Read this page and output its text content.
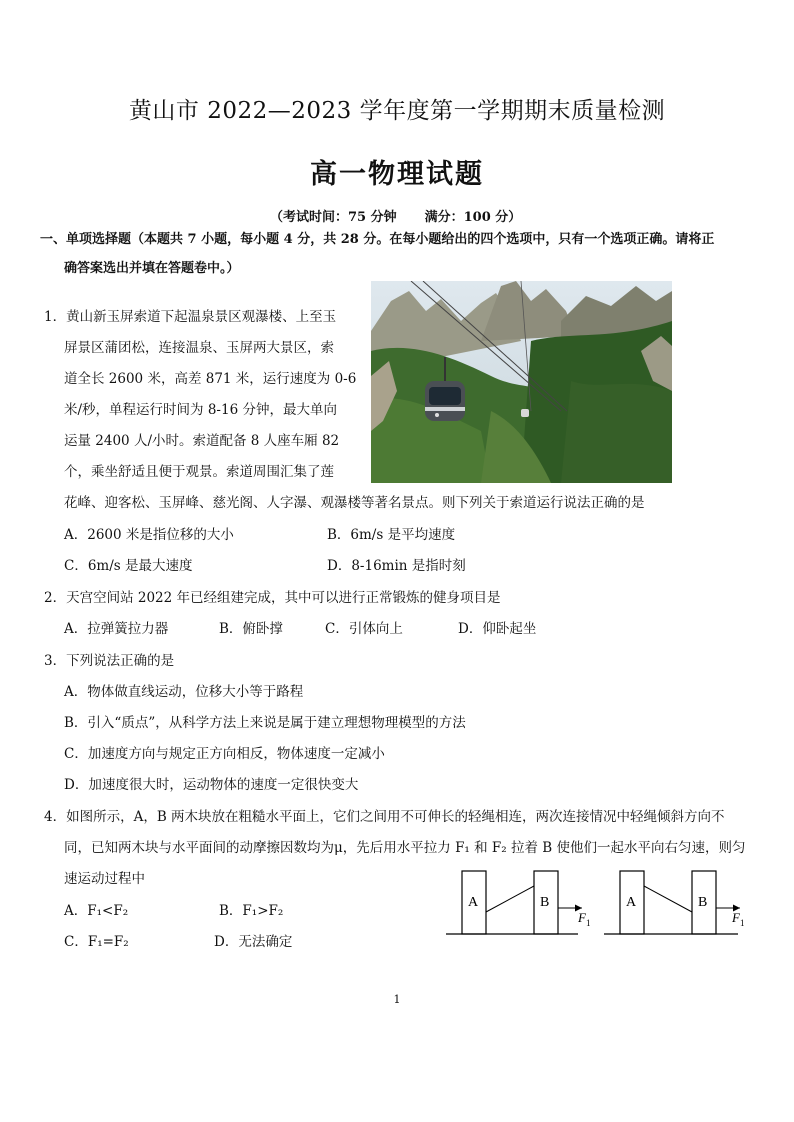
黄山市 2022—2023 学年度第一学期期末质量检测
高一物理试题
（考试时间：75 分钟 满分：100 分）
一、单项选择题（本题共 7 小题，每小题 4 分，共 28 分。在每小题给出的四个选项中，只有一个选项正确。请将正
确答案选出并填在答题卷中。）
1．黄山新玉屏索道下起温泉景区观瀑楼、上至玉
屏景区蒲团松，连接温泉、玉屏两大景区，索
道全长 2600 米，高差 871 米，运行速度为 0-6
米/秒，单程运行时间为 8-16 分钟，最大单向
运量 2400 人/小时。索道配备 8 人座车厢 82
个，乘坐舒适且便于观景。索道周围汇集了莲
花峰、迎客松、玉屏峰、慈光阁、人字瀑、观瀑楼等著名景点。则下列关于索道运行说法正确的是
A．2600 米是指位移的大小	B．6m/s 是平均速度
C．6m/s 是最大速度	D．8-16min 是指时刻
2．天宫空间站 2022 年已经组建完成，其中可以进行正常锻炼的健身项目是
A．拉弹簧拉力器	B．俯卧撑	C．引体向上	D．仰卧起坐
3．下列说法正确的是
A．物体做直线运动，位移大小等于路程
B．引入“质点”，从科学方法上来说是属于建立理想物理模型的方法
C．加速度方向与规定正方向相反，物体速度一定减小
D．加速度很大时，运动物体的速度一定很快变大
4．如图所示，A，B 两木块放在粗糙水平面上，它们之间用不可伸长的轻绳相连，两次连接情况中轻绳倾斜方向不
同，已知两木块与水平面间的动摩擦因数均为μ，先后用水平拉力 F₁ 和 F₂ 拉着 B 使他们一起水平向右匀速，则匀
速运动过程中
A．F₁<F₂	B．F₁>F₂
C．F₁=F₂	D．无法确定
A	B
F 1
A	B
F 1
1
